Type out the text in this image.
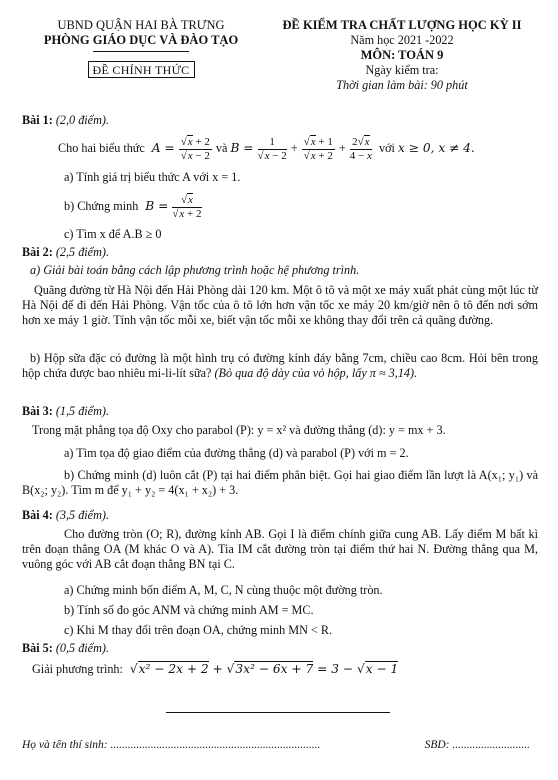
UBND QUẬN HAI BÀ TRƯNG
PHÒNG GIÁO DỤC VÀ ĐÀO TẠO
ĐỀ CHÍNH THỨC
ĐỀ KIỂM TRA CHẤT LƯỢNG HỌC KỲ II
Năm học 2021 -2022
MÔN: TOÁN 9
Ngày kiểm tra:
Thời gian làm bài: 90 phút
Bài 1: (2,0 điểm).
Cho hai biểu thức  $A = \frac{√x + 2}{√x - 2}$ và $B = \frac{1}{√x - 2} + \frac{√x + 1}{√x + 2} + \frac{2√x}{4 - x}$ với x ≥ 0, x ≠ 4.
a) Tính giá trị biểu thức A với x = 1.
b) Chứng minh  $B = \frac{√x}{√x + 2}$
c) Tìm x để A.B ≥ 0
Bài 2: (2,5 điểm).
a) Giải bài toán bằng cách lập phương trình hoặc hệ phương trình.
Quãng đường từ Hà Nội đến Hải Phòng dài 120 km. Một ô tô và một xe máy xuất phát cùng một lúc từ Hà Nội để đi đến Hải Phòng. Vận tốc của ô tô lớn hơn vận tốc xe máy 20 km/giờ nên ô tô đến nơi sớm hơn xe máy 1 giờ. Tính vận tốc mỗi xe, biết vận tốc mỗi xe không thay đổi trên cả quãng đường.
b) Hộp sữa đặc có đường là một hình trụ có đường kính đáy bằng 7cm, chiều cao 8cm. Hỏi bên trong hộp chứa được bao nhiêu mi-li-lít sữa? (Bỏ qua độ dày của vỏ hộp, lấy π ≈ 3,14).
Bài 3: (1,5 điểm).
Trong mặt phẳng tọa độ Oxy cho parabol (P): y = x² và đường thẳng (d): y = mx + 3.
a) Tìm tọa độ giao điểm của đường thẳng (d) và parabol (P) với m = 2.
b) Chứng minh (d) luôn cắt (P) tại hai điểm phân biệt. Gọi hai giao điểm lần lượt là A(x₁; y₁) và B(x₂; y₂). Tìm m để y₁ + y₂ = 4(x₁ + x₂) + 3.
Bài 4: (3,5 điểm).
Cho đường tròn (O; R), đường kính AB. Gọi I là điểm chính giữa cung AB. Lấy điểm M bất kì trên đoạn thẳng OA (M khác O và A). Tia IM cắt đường tròn tại điểm thứ hai N. Đường thẳng qua M, vuông góc với AB cắt đoạn thẳng BN tại C.
a) Chứng minh bốn điểm A, M, C, N cùng thuộc một đường tròn.
b) Tính số đo góc ANM và chứng minh AM = MC.
c) Khi M thay đổi trên đoạn OA, chứng minh MN < R.
Bài 5: (0,5 điểm).
Giải phương trình:  √x² − 2x + 2 + √3x² − 6x + 7 = 3 − √x − 1
Họ và tên thí sinh: .........................................................................	SBD: ...........................
